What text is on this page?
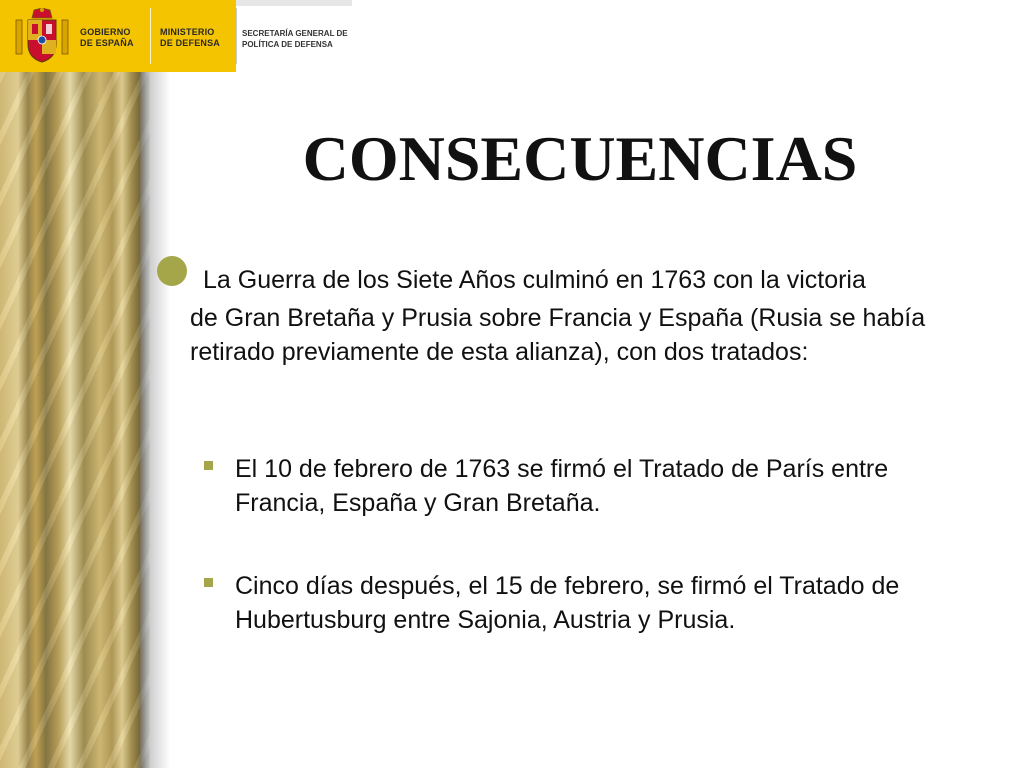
GOBIERNO
DE ESPAÑA
MINISTERIO
DE DEFENSA
SECRETARÍA GENERAL DE
POLÍTICA DE DEFENSA
CONSECUENCIAS
La Guerra de los Siete Años culminó en 1763 con la victoria
de Gran Bretaña y Prusia sobre Francia y España (Rusia se había retirado previamente de esta alianza), con dos tratados:
El 10 de febrero de 1763 se firmó el Tratado de París entre Francia, España y Gran Bretaña.
Cinco días después, el 15 de febrero, se firmó el Tratado de Hubertusburg entre Sajonia, Austria y Prusia.
